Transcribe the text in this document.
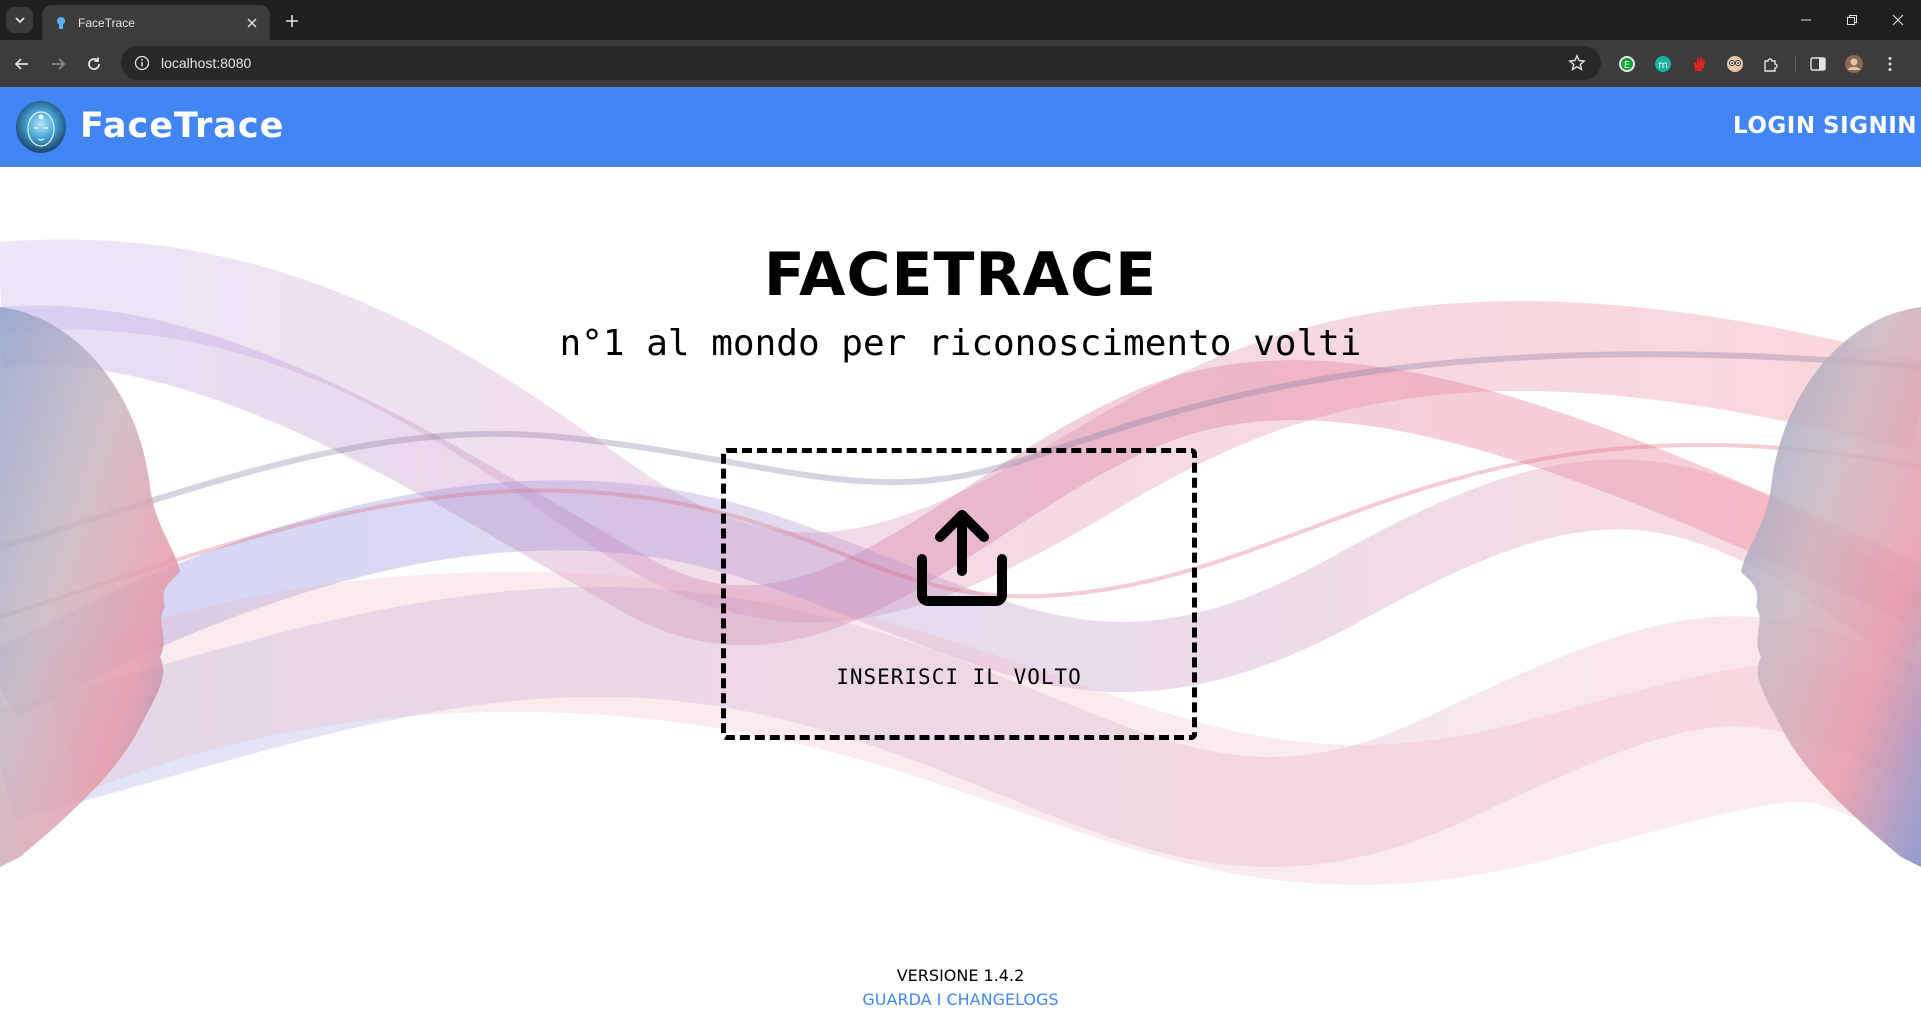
FaceTrace
localhost:8080	E	m
FaceTrace	LOGIN SIGNIN
FACETRACE
n°1 al mondo per riconoscimento volti
INSERISCI IL VOLTO
VERSIONE 1.4.2
GUARDA I CHANGELOGS
